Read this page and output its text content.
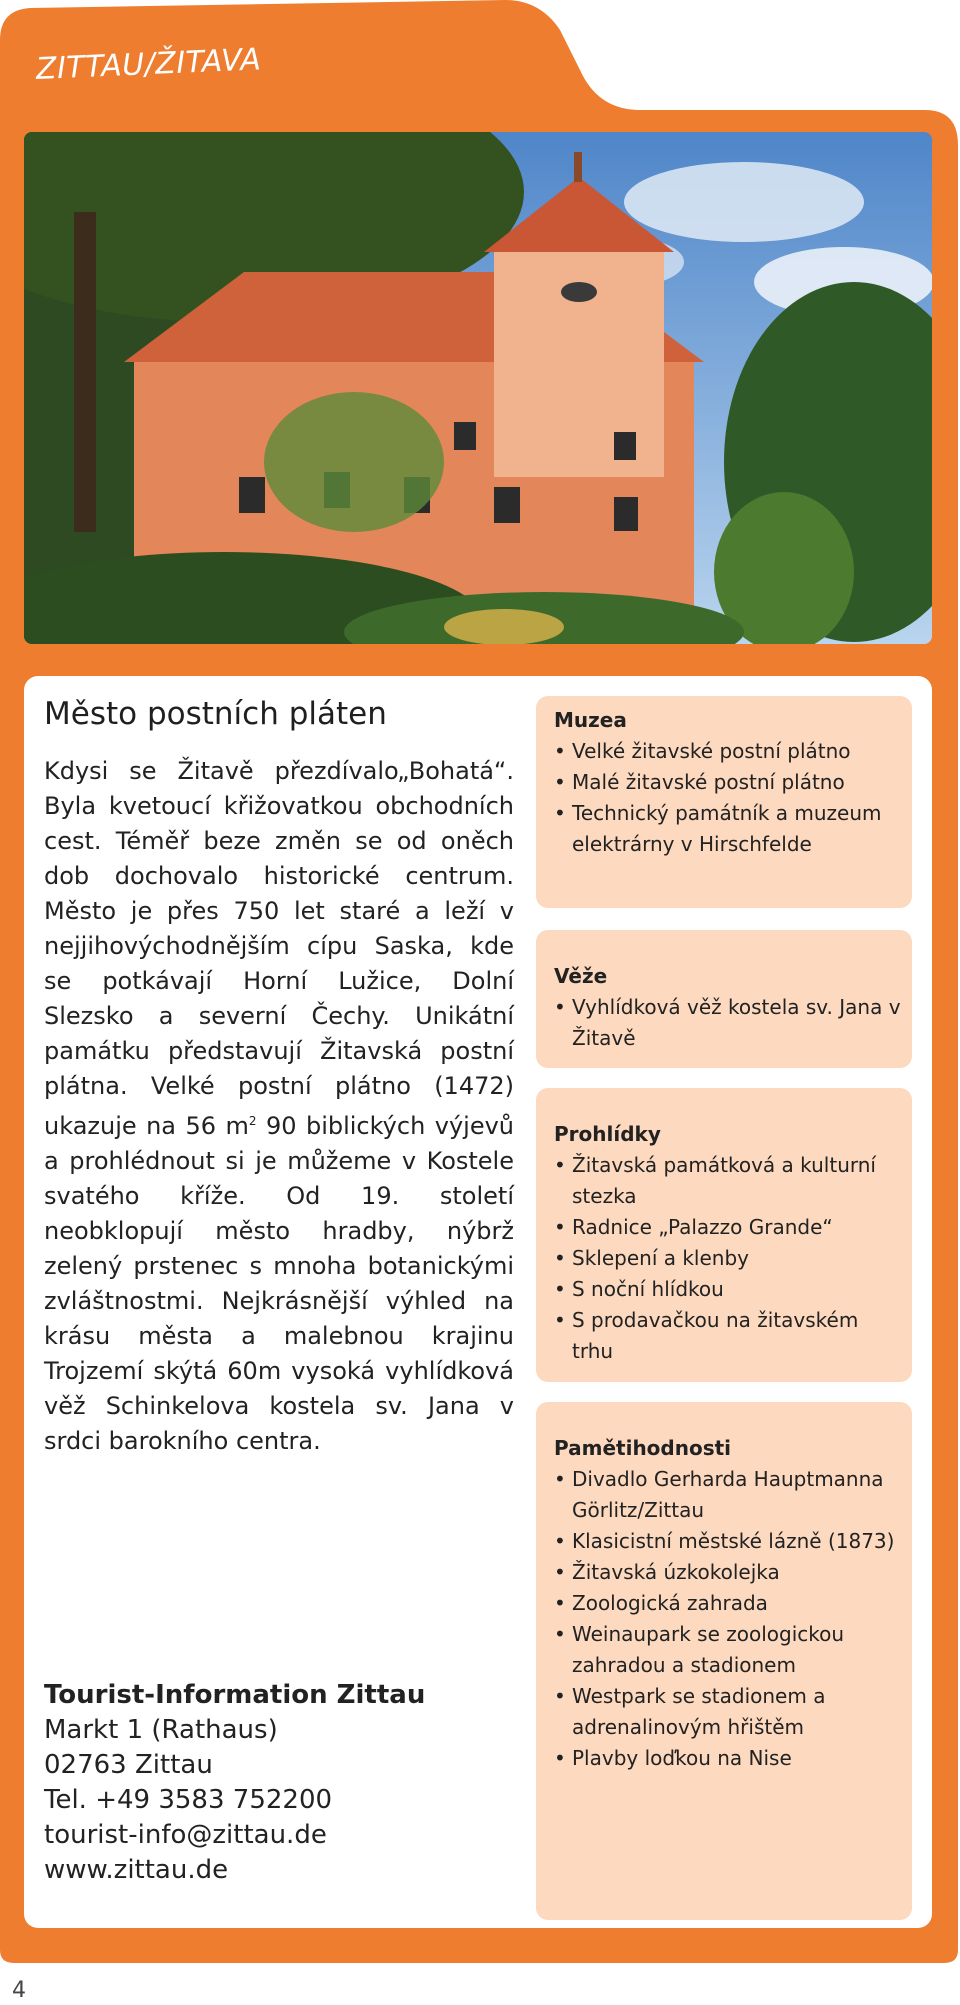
ZITTAU/ŽITAVA
Město postních pláten

Kdysi se Žitavě přezdívalo„Bohatá“. Byla kvetoucí křižovatkou obchodních cest. Téměř beze změn se od oněch dob dochovalo historické centrum. Město je přes 750 let staré a leží v nejjihovýchodnějším cípu Saska, kde se potkávají Horní Lužice, Dolní Slezsko a severní Čechy. Unikátní památku představují Žitavská postní plátna. Velké postní plátno (1472) ukazuje na 56 $m^2$ 90 biblických výjevů a prohlédnout si je můžeme v Kostele svatého kříže. Od 19. století neobklopují město hradby, nýbrž zelený prstenec s mnoha botanickými zvláštnostmi. Nejkrásnější výhled na krásu města a malebnou krajinu Trojzemí skýtá 60m vysoká vyhlídková věž Schinkelova kostela sv. Jana v srdci barokního centra.

Tourist-Information Zittau
Markt 1 (Rathaus)
02763 Zittau
Tel. +49 3583 752200
tourist-info@zittau.de
www.zittau.de
Muzea
• Velké žitavské postní plátno
• Malé žitavské postní plátno
• Technický památník a muzeum elektrárny v Hirschfelde
Věže
• Vyhlídková věž kostela sv. Jana v Žitavě
Prohlídky
• Žitavská památková a kulturní stezka
• Radnice „Palazzo Grande“
• Sklepení a klenby
• S noční hlídkou
• S prodavačkou na žitavském trhu
Pamětihodnosti
• Divadlo Gerharda Hauptmanna Görlitz/Zittau
• Klasicistní městské lázně (1873)
• Žitavská úzkokolejka
• Zoologická zahrada
• Weinaupark se zoologickou zahradou a stadionem
• Westpark se stadionem a adrenalinovým hřištěm
• Plavby loďkou na Nise
4
